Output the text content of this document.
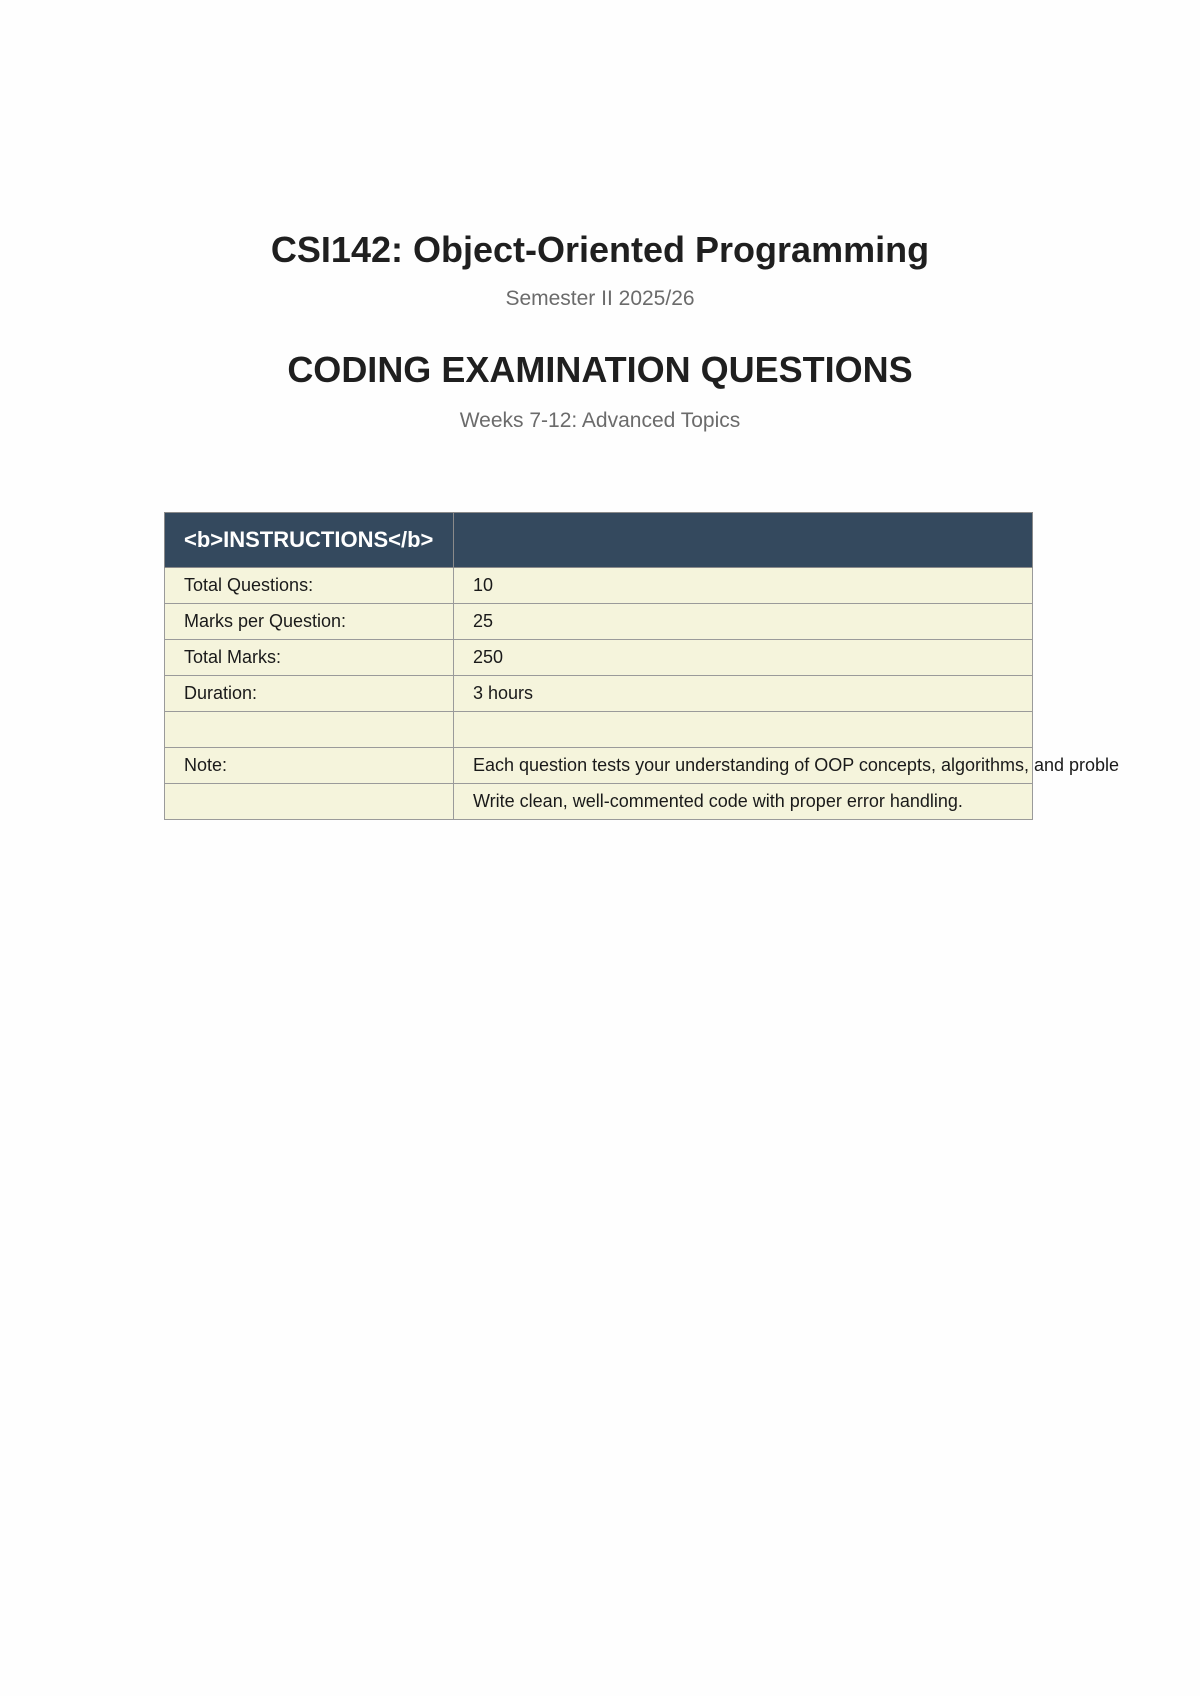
CSI142: Object-Oriented Programming
Semester II 2025/26
CODING EXAMINATION QUESTIONS
Weeks 7-12: Advanced Topics
<b>INSTRUCTIONS</b>	
Total Questions:	10
Marks per Question:	25
Total Marks:	250
Duration:	3 hours

Note:	Each question tests your understanding of OOP concepts, algorithms, and proble
	Write clean, well-commented code with proper error handling.
